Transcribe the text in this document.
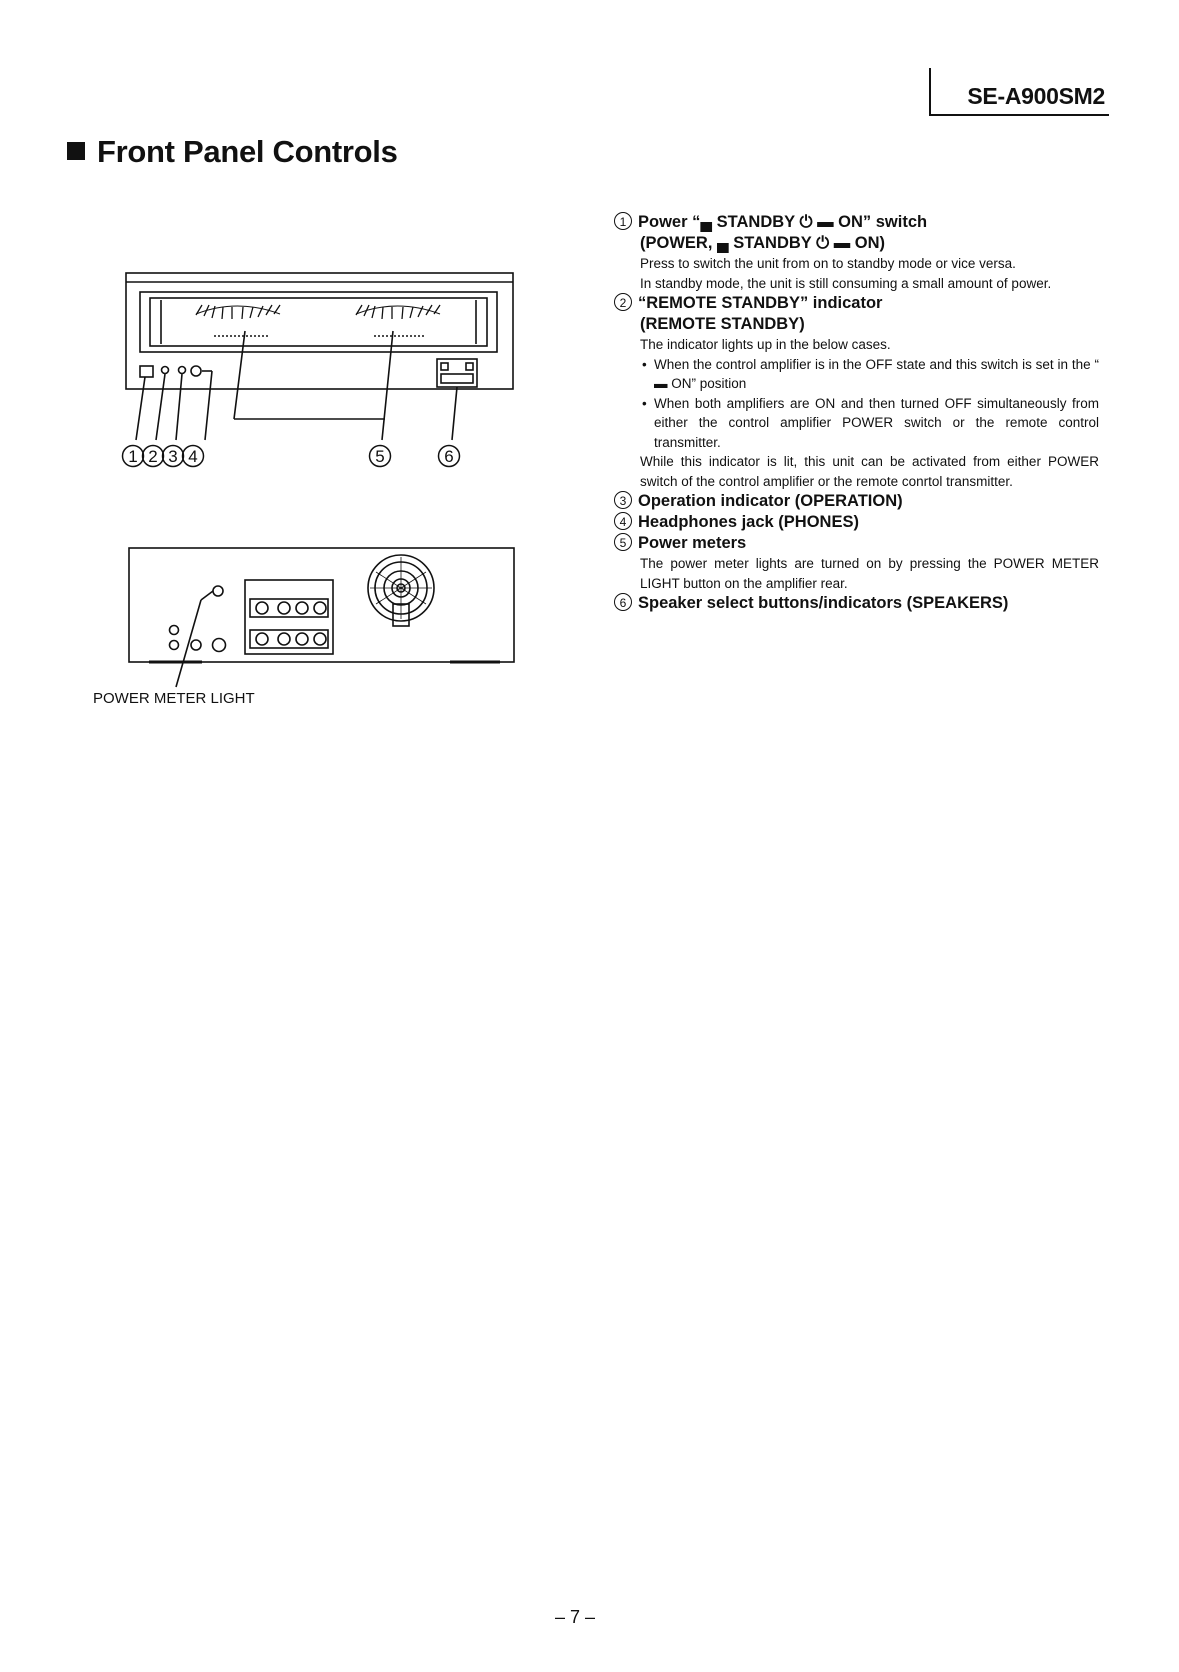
SE-A900SM2
Front Panel Controls
1 2 3 4	5	6
POWER METER LIGHT
1 Power “▄ STANDBY ⏻ ▬ ON” switch
(POWER, ▄ STANDBY ⏻ ▬ ON)
Press to switch the unit from on to standby mode or vice versa.
In standby mode, the unit is still consuming a small amount of power.
2 “REMOTE STANDBY” indicator
(REMOTE STANDBY)
The indicator lights up in the below cases.
• When the control amplifier is in the OFF state and this switch is set in the “ ▬ ON” position
• When both amplifiers are ON and then turned OFF simultaneously from either the control amplifier POWER switch or the remote control transmitter.
While this indicator is lit, this unit can be activated from either POWER switch of the control amplifier or the remote conrtol transmitter.
3 Operation indicator (OPERATION)
4 Headphones jack (PHONES)
5 Power meters
The power meter lights are turned on by pressing the POWER METER LIGHT button on the amplifier rear.
6 Speaker select buttons/indicators (SPEAKERS)
– 7 –
